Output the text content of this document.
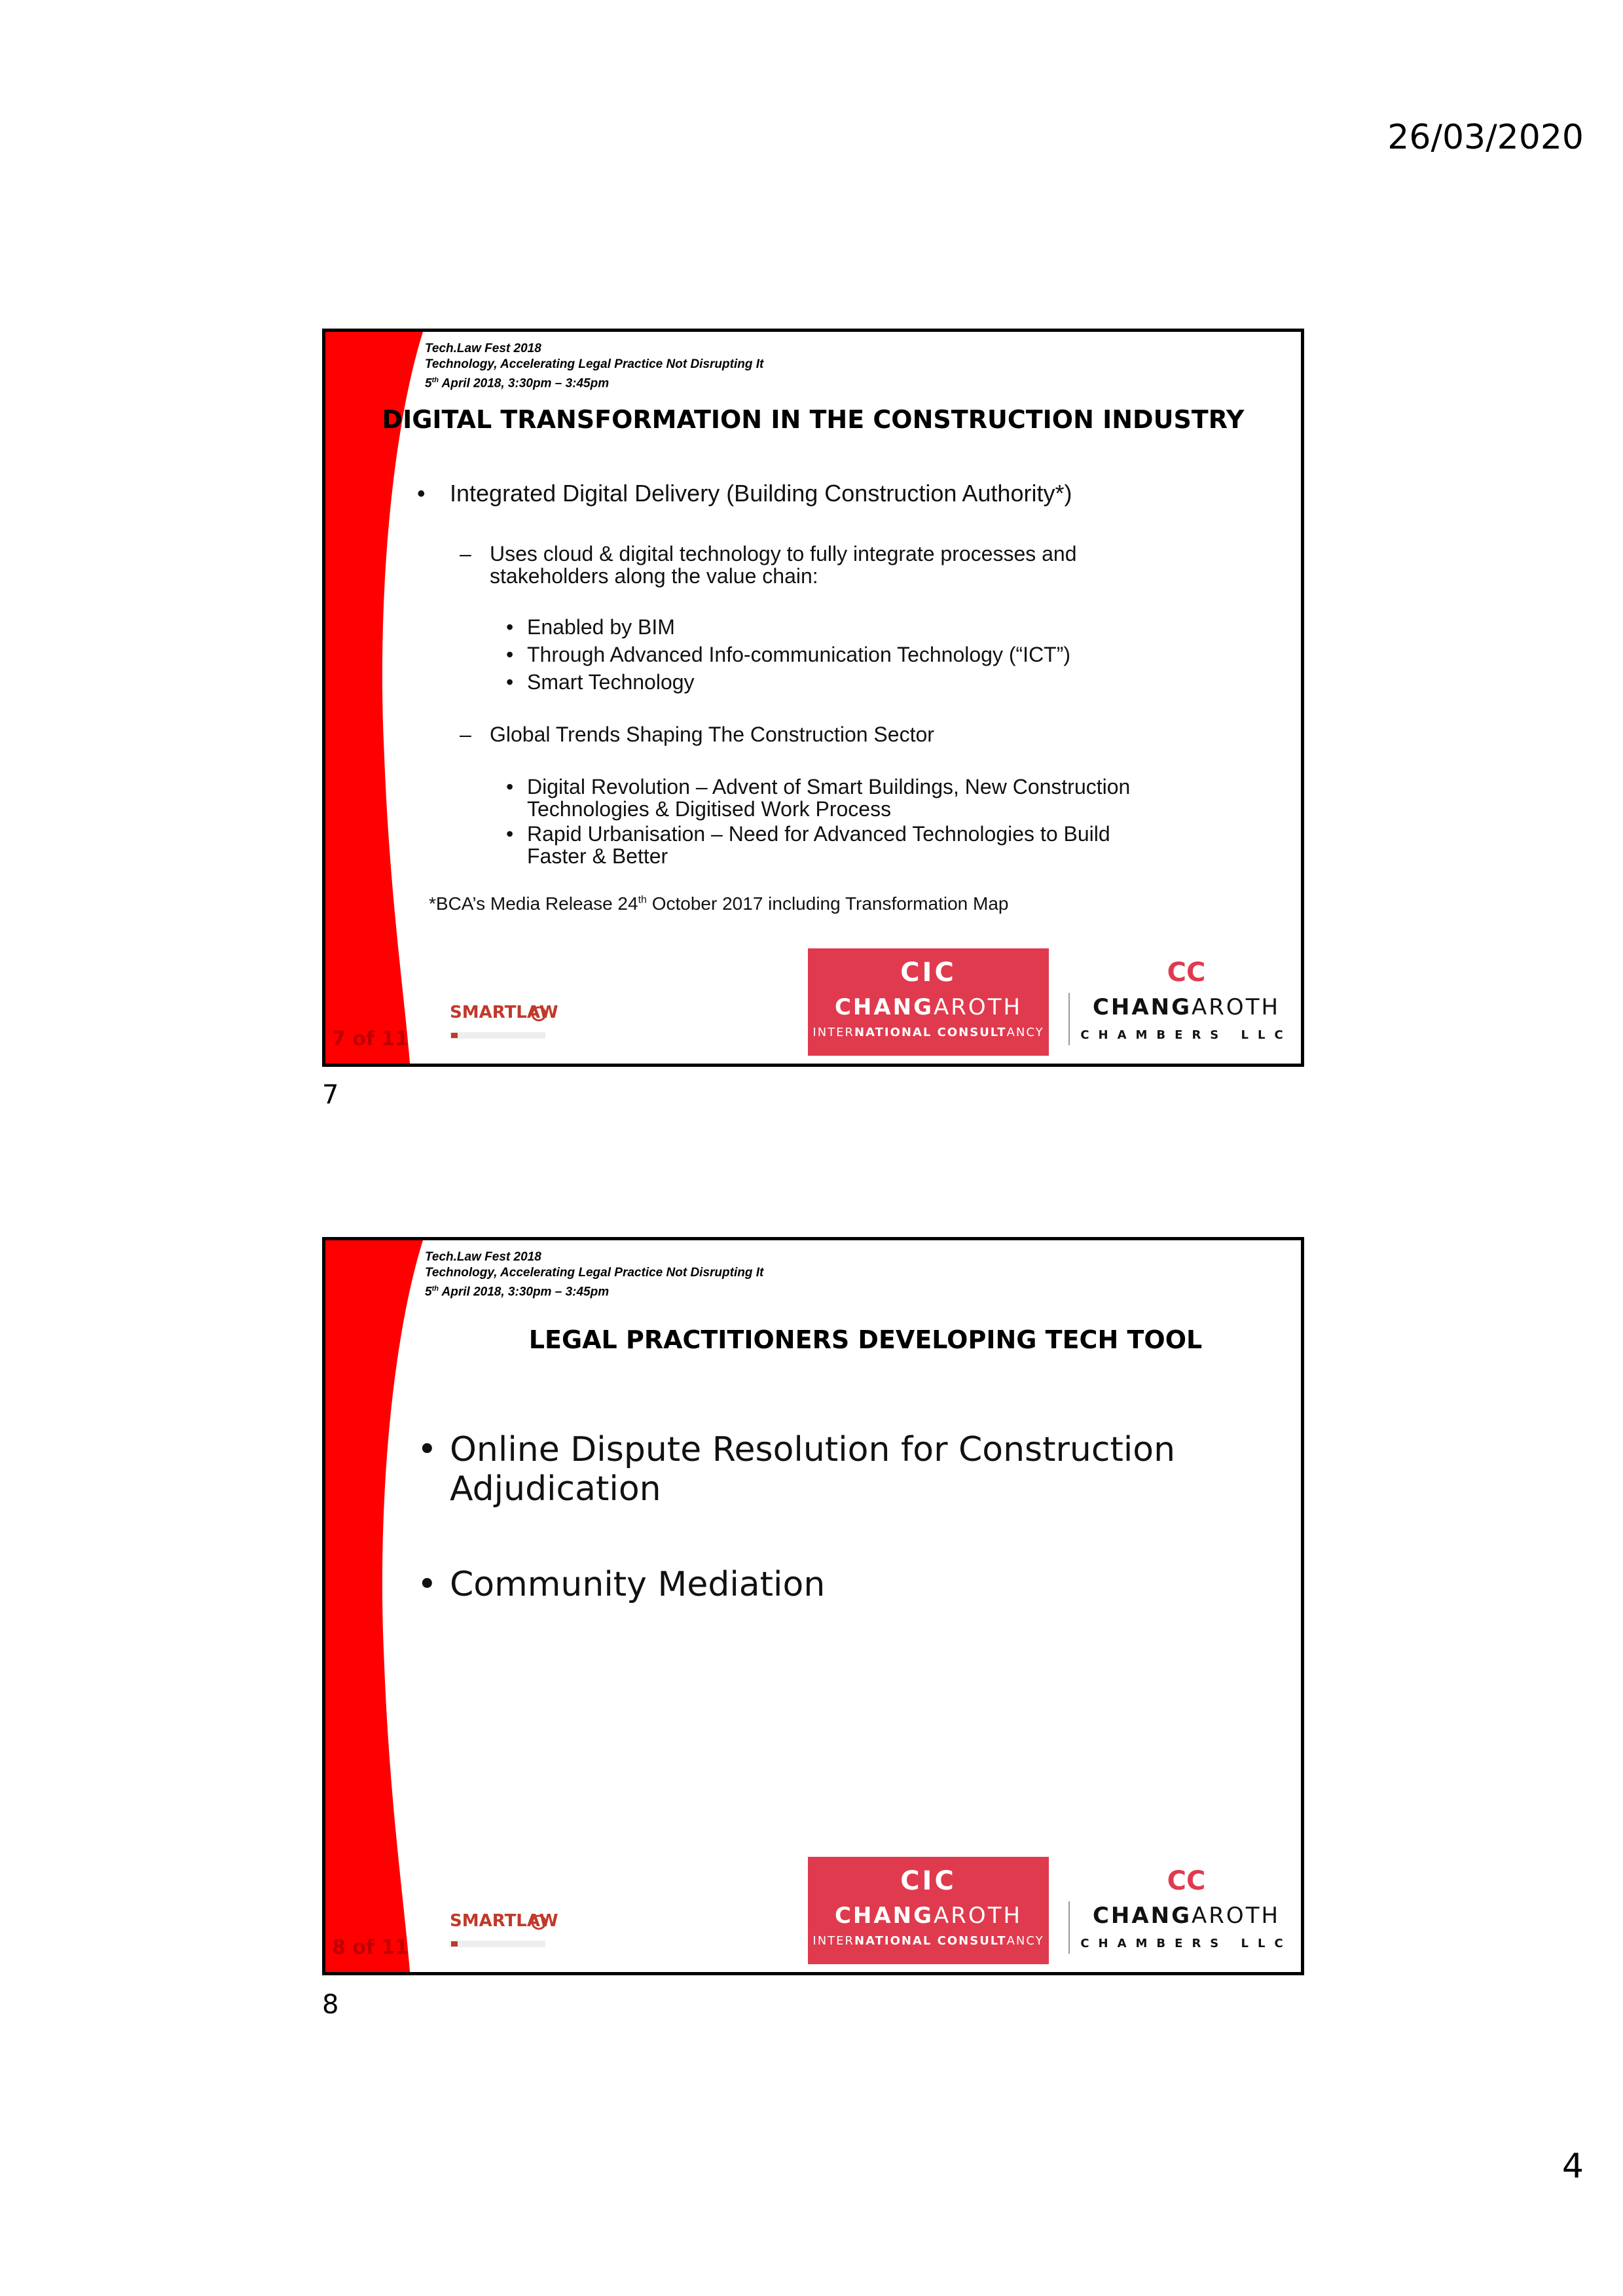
26/03/2020
Tech.Law Fest 2018
Technology, Accelerating Legal Practice Not Disrupting It
5th April 2018, 3:30pm – 3:45pm
DIGITAL TRANSFORMATION IN THE CONSTRUCTION INDUSTRY
• Integrated Digital Delivery (Building Construction Authority*)
– Uses cloud & digital technology to fully integrate processes and
stakeholders along the value chain:
• Enabled by BIM
• Through Advanced Info-communication Technology (“ICT”)
• Smart Technology
– Global Trends Shaping The Construction Sector
• Digital Revolution – Advent of Smart Buildings, New Construction
Technologies & Digitised Work Process
• Rapid Urbanisation – Need for Advanced Technologies to Build
Faster & Better
*BCA’s Media Release 24th October 2017 including Transformation Map
SMARTLAW
CIC
CHANGAROTH
INTERNATIONAL CONSULTANCY
CC
CHANGAROTH
CHAMBERS LLC
7 of 11
7
Tech.Law Fest 2018
Technology, Accelerating Legal Practice Not Disrupting It
5th April 2018, 3:30pm – 3:45pm
LEGAL PRACTITIONERS DEVELOPING TECH TOOL
• Online Dispute Resolution for Construction
Adjudication
• Community Mediation
SMARTLAW
CIC
CHANGAROTH
INTERNATIONAL CONSULTANCY
CC
CHANGAROTH
CHAMBERS LLC
8 of 11
8
4
